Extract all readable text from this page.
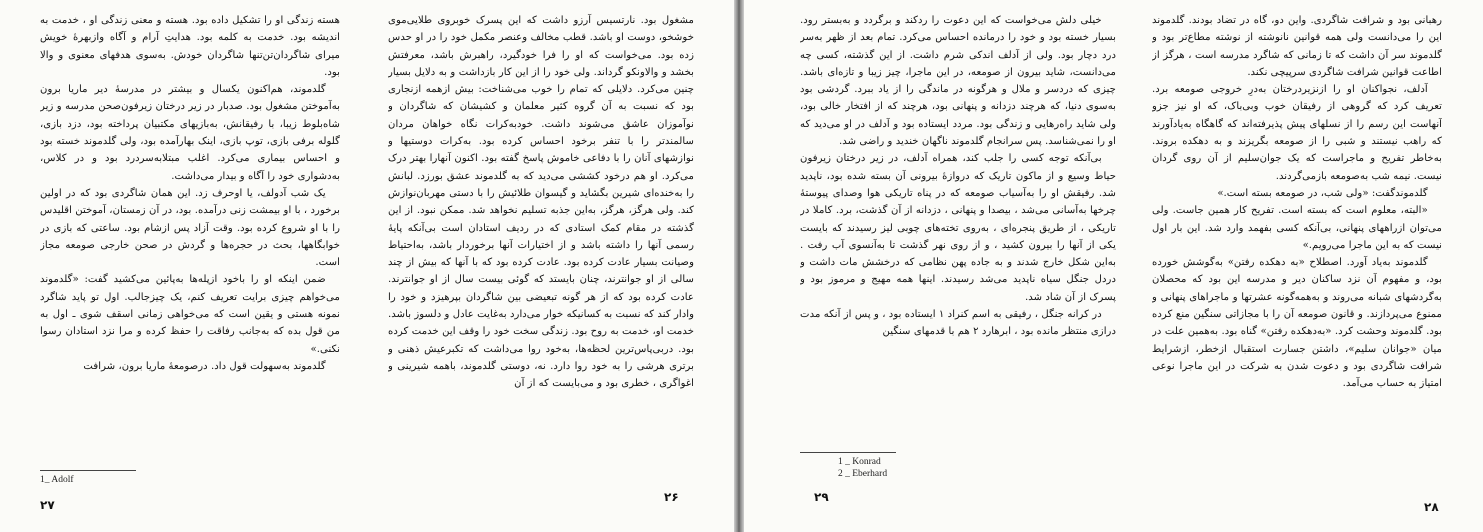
هسته زندگی او را تشکیل داده بود. هسته و معنی زندگی او ، خدمت به اندیشه بود. خدمت به کلمه بود. هدایتِ آرام و آگاه وازبهرهٔ خویش میرای شاگردان‌تن‌تنها شاگردان خودش. به‌سوی هدفهای معنوی و والا بود.

گلدموند، هم‌اکنون یکسال و بیشتر در مدرسهٔ دیر ماریا برون به‌آموختن مشغول بود. صدبار در زیر درختان زیرفون‌صحن مدرسه و زیر شاه‌بلوط زیبا، با رفیقانش، به‌بازیهای مکتبیان پرداخته بود، دزد بازی، گلوله برفی بازی، توپ بازی، اینک بهارآمده بود، ولی گلدموند خسته بود و احساس بیماری می‌کرد. اغلب مبتلابه‌سردرد بود و در کلاس، به‌دشواری خود را آگاه و بیدار می‌داشت.

یک شب آدولف، یا اوحرف زد. این همان شاگردی بود که در اولین برخورد ، با او بیمشت زنی درآمده. بود، در آن زمستان، آموختن اقلیدس را با او شروع کرده بود. وقت آزاد پس ازشام بود. ساعتی که بازی در خوابگاهها، بحث در حجره‌ها و گردش در صحن خارجی صومعه مجاز است.

ضمن اینکه او را باخود ازپله‌ها به‌پائین می‌کشید گفت: «گلدموند می‌خواهم چیزی برایت تعریف کنم، یک چیزجالب. اول تو پاید شاگرد نمونه هستی و یقین است که می‌خواهی زمانی اسقف شوی ـ اول به من قول بده که به‌جانب رفاقت را حفظ کرده و مرا نزد استادان رسوا نکنی.»

گلدموند به‌سهولت قول داد. درصومعهٔ ماریا برون، شرافت

1_ Adolf
۲۷

مشغول بود. نارتسیس آرزو داشت که این پسرک خوبروی طلایی‌موی خوشخو، دوست او باشد. قطب مخالف وعنصر مکمل خود را در او حدس زده بود. می‌خواست که او را فرا خودگیرد، راهبرش باشد، معرفتش بخشد و والاونکو گرداند. ولی خود را از این کار بازداشت و به دلایل بسیار چنین می‌کرد. دلایلی که تمام را خوب می‌شناخت: بیش ازهمه ازنجاری بود که نسبت به آن گروه کثیر معلمان و کشیشان که شاگردان و نوآموزان عاشق می‌شوند داشت. خودبه‌کرات نگاه خواهان مردان سالمندتر را با تنفر برخود احساس کرده بود. به‌کرات دوستیها و نوازشهای آنان را با دفاعی خاموش پاسخ گفته بود. اکنون آنهارا بهتر درک می‌کرد. او هم درخود کششی می‌دید که به گلدموند عشق بورزد. لبانش را به‌خنده‌ای شیرین بگشاید و گیسوان طلائیش را با دستی مهربان‌نوازش کند. ولی هرگز، هرگز، به‌این جذبه تسلیم نخواهد شد. ممکن نبود. از این گذشته در مقام کمک استادی که در ردیف استادان است بی‌آنکه پایهٔ رسمی آنها را داشته باشد و از اختیارات آنها برخوردار باشد، به‌احتیاط وصیانت بسیار عادت کرده بود. عادت کرده بود که با آنها که بیش از چند سالی از او جوانترند، چنان بایستد که گوئی بیست سال از او جوانترند. عادت کرده بود که از هر گونه تبعیضی بین شاگردان بپرهیزد و خود را وادار کند که نسبت به کسانیکه خوار می‌دارد به‌غایت عادل و دلسوز باشد. خدمت او، خدمت به روح بود. زندگی سخت خود را وقف این خدمت کرده بود. دربی‌پاس‌ترین لحظه‌ها، به‌خود روا می‌داشت که تکبرعیش ذهنی و برتری هرشی را به خود روا دارد. نه، دوستی گلدموند، باهمه شیرینی و اغواگری ، خطری بود و می‌بایست که از آن

۲۶

خیلی دلش می‌خواست که این دعوت را ردکند و برگردد و به‌بستر رود. بسیار خسته بود و خود را درمانده احساس می‌کرد. تمام بعد از ظهر به‌سر درد دچار بود. ولی از آدلف اندکی شرم داشت. از این گذشته، کسی چه می‌دانست، شاید بیرون از صومعه، در این ماجرا، چیز زیبا و تازه‌ای باشد. چیزی که دردسر و ملال و هرگونه در ماندگی را از یاد ببرد. گردشی بود به‌سوی دنیا، که هرچند دزدانه و پنهانی بود، هرچند که از افتخار خالی بود، ولی شاید راه‌رهایی و زندگی بود. مردد ایستاده بود و آدلف در او می‌دید که او را نمی‌شناسد. پس سرانجام گلدموند ناگهان خندید و راضی شد.

بی‌آنکه توجه کسی را جلب کند، همراه آدلف، در زیر درختان زیرفون حیاط وسیع و از ماکون تاریک که دروازهٔ بیرونی آن بسته شده بود، ناپدید شد. رفیقش او را به‌آسیاب صومعه که در پناه تاریکی هوا وصدای پیوستهٔ چرخها به‌آسانی می‌شد ، بیصدا و پنهانی ، دزدانه از آن گذشت، برد. کاملا در تاریکی ، از طریق پنجره‌ای ، به‌روی تخته‌های چوبی لیز رسیدند که بایست یکی از آنها را بیرون کشید ، و از روی نهر گذشت تا به‌آنسوی آب رفت . به‌این شکل خارج شدند و به جاده پهن نظامی که درخشش مات داشت و دردل جنگل سیاه ناپدید می‌شد رسیدند. اینها همه مهیج و مرموز بود و پسرک از آن شاد شد.

در کرانه جنگل ، رفیقی به اسم کنراد ۱ ایستاده بود ، و پس از آنکه مدت درازی منتظر مانده بود ، ابرهارد ۲ هم با قدمهای سنگین

1 _ Konrad
2 _ Eberhard
۲۹

رهبانی بود و شرافت شاگردی. واین دو، گاه در تضاد بودند. گلدموند این را می‌دانست ولی همه قوانین نانوشته از نوشته مطاع‌تر بود و گلدموند سر آن داشت که تا زمانی که شاگرد مدرسه است ، هرگز از اطاعت قوانین شرافت شاگردی سرپیچی نکند.

آدلف، نجواکنان او را ازنزیردرختان به‌درِ خروجی صومعه برد. تعریف کرد که گروهی از رفیقان خوب وبی‌باک، که او نیز جزو آنهاست این رسم را از نسلهای پیش پذیرفته‌اند که گاهگاه به‌یادآورند که راهب نیستند و شبی را از صومعه بگریزند و به دهکده بروند. به‌خاطر تفریح و ماجراست که یک جوان‌سلیم از آن روی گردان نیست. نیمه شب به‌صومعه بازمی‌گردند.

گلدموندگفت: «ولی شب، در صومعه بسته است.»

«البته، معلوم است که بسته است. تفریح کار همین جاست. ولی می‌توان ازراههای پنهانی، بی‌آنکه کسی بفهمد وارد شد. این بار اول نیست که به این ماجرا می‌رویم.»

گلدموند به‌یاد آورد. اصطلاح «به دهکده رفتن» به‌گوشش خورده بود، و مفهوم آن نزد ساکنان دیر و مدرسه این بود که محصلان به‌گردشهای شبانه می‌روند و به‌همه‌گونه عشرتها و ماجراهای پنهانی و ممنوع می‌پردازند. و قانون صومعه آن را با مجازاتی سنگین منع کرده بود. گلدموند وحشت کرد. «به‌دهکده رفتن» گناه بود. به‌همین علت در میان «جوانان سلیم»، داشتن جسارت استقبال ازخطر، ازشرایط شرافت شاگردی بود و دعوت شدن به شرکت در این ماجرا نوعی امتیاز به حساب می‌آمد.

۲۸
